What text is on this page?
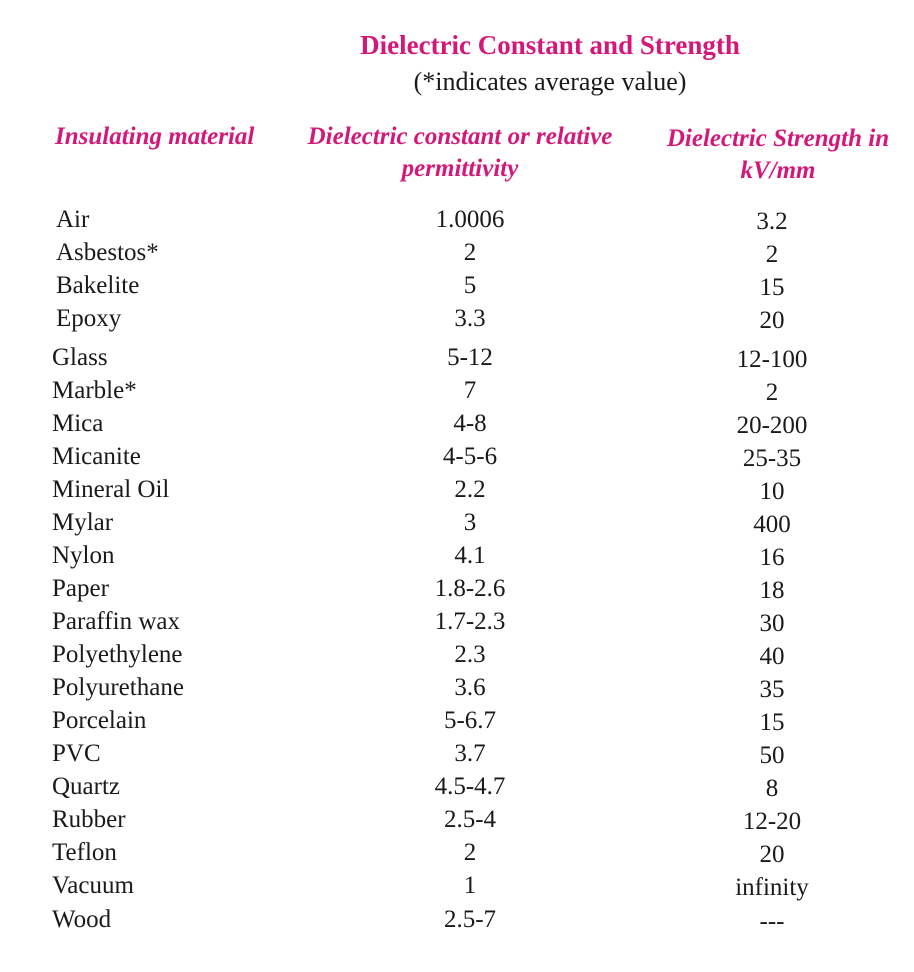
Dielectric Constant and Strength
(*indicates average value)
Insulating material	Dielectric constant or relative
permittivity
Dielectric Strength in
kV/mm
Air	1.0006	3.2
Asbestos*	2	2
Bakelite	5	15
Epoxy	3.3	20
Glass	5-12	12-100
Marble*	7	2
Mica	4-8	20-200
Micanite	4-5-6	25-35
Mineral Oil	2.2	10
Mylar	3	400
Nylon	4.1	16
Paper	1.8-2.6	18
Paraffin wax	1.7-2.3	30
Polyethylene	2.3	40
Polyurethane	3.6	35
Porcelain	5-6.7	15
PVC	3.7	50
Quartz	4.5-4.7	8
Rubber	2.5-4	12-20
Teflon	2	20
Vacuum	1	infinity
Wood	2.5-7	---
